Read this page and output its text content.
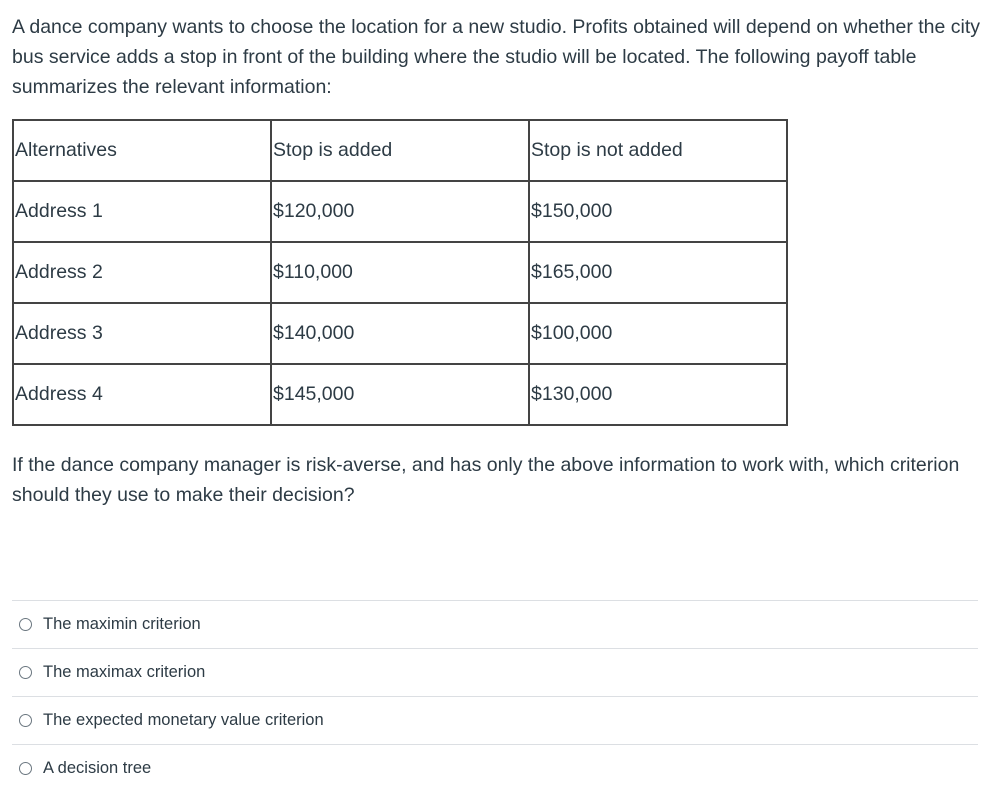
A dance company wants to choose the location for a new studio. Profits obtained will depend on whether the city bus service adds a stop in front of the building where the studio will be located. The following payoff table summarizes the relevant information:

Alternatives	Stop is added	Stop is not added
Address 1	$120,000	$150,000
Address 2	$110,000	$165,000
Address 3	$140,000	$100,000
Address 4	$145,000	$130,000

If the dance company manager is risk-averse, and has only the above information to work with, which criterion should they use to make their decision?

The maximin criterion
The maximax criterion
The expected monetary value criterion
A decision tree
